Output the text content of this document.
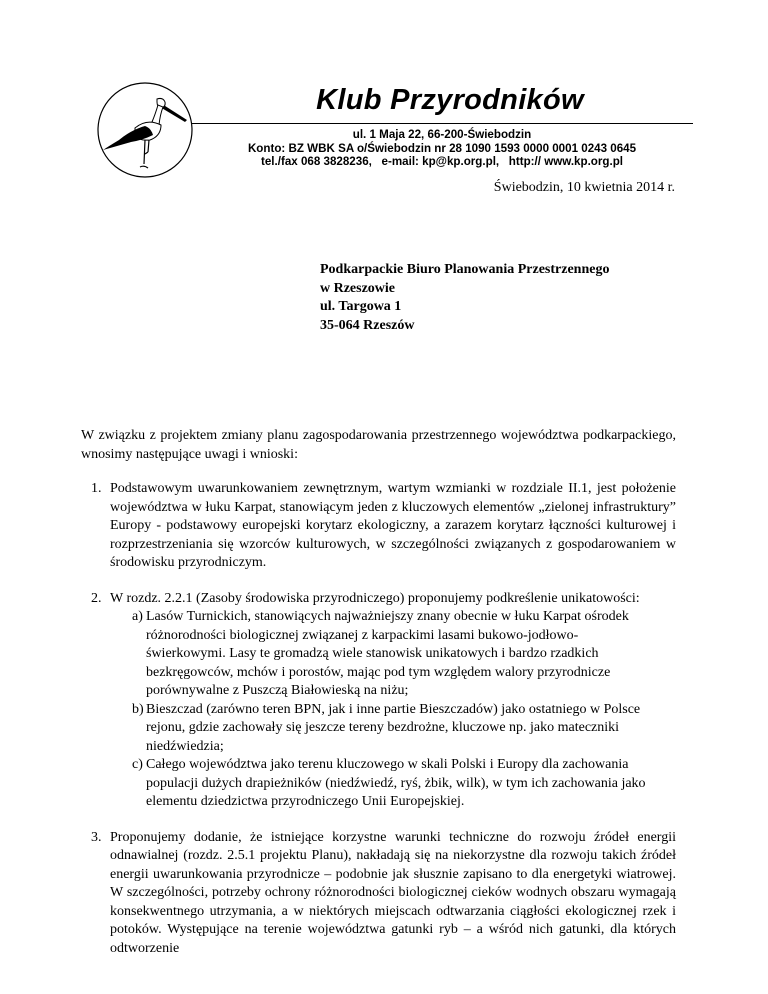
Klub Przyrodników
ul. 1 Maja 22, 66-200-Świebodzin
Konto: BZ WBK SA o/Świebodzin nr 28 1090 1593 0000 0001 0243 0645
tel./fax 068 3828236,   e-mail: kp@kp.org.pl,   http:// www.kp.org.pl
Świebodzin, 10 kwietnia 2014 r.
Podkarpackie Biuro Planowania Przestrzennego
w Rzeszowie
ul. Targowa 1
35-064 Rzeszów

W związku z projektem zmiany planu zagospodarowania przestrzennego województwa podkarpackiego, wnosimy następujące uwagi i wnioski:

1. Podstawowym uwarunkowaniem zewnętrznym, wartym wzmianki w rozdziale II.1, jest położenie województwa w łuku Karpat, stanowiącym jeden z kluczowych elementów „zielonej infrastruktury” Europy - podstawowy europejski korytarz ekologiczny, a zarazem korytarz łączności kulturowej i rozprzestrzeniania się wzorców kulturowych, w szczególności związanych z gospodarowaniem w środowisku przyrodniczym.
2. W rozdz. 2.2.1 (Zasoby środowiska przyrodniczego) proponujemy podkreślenie unikatowości:
a) Lasów Turnickich, stanowiących najważniejszy znany obecnie w łuku Karpat ośrodek różnorodności biologicznej związanej z karpackimi lasami bukowo-jodłowo-świerkowymi. Lasy te gromadzą wiele stanowisk unikatowych i bardzo rzadkich bezkręgowców, mchów i porostów, mając pod tym względem walory przyrodnicze porównywalne z Puszczą Białowieską na niżu;
b) Bieszczad (zarówno teren BPN, jak i inne partie Bieszczadów) jako ostatniego w Polsce rejonu, gdzie zachowały się jeszcze tereny bezdrożne, kluczowe np. jako mateczniki niedźwiedzia;
c) Całego województwa jako terenu kluczowego w skali Polski i Europy dla zachowania populacji dużych drapieżników (niedźwiedź, ryś, żbik, wilk), w tym ich zachowania jako elementu dziedzictwa przyrodniczego Unii Europejskiej.
3. Proponujemy dodanie, że istniejące korzystne warunki techniczne do rozwoju źródeł energii odnawialnej (rozdz. 2.5.1 projektu Planu), nakładają się na niekorzystne dla rozwoju takich źródeł energii uwarunkowania przyrodnicze – podobnie jak słusznie zapisano to dla energetyki wiatrowej. W szczególności, potrzeby ochrony różnorodności biologicznej cieków wodnych obszaru wymagają konsekwentnego utrzymania, a w niektórych miejscach odtwarzania ciągłości ekologicznej rzek i potoków. Występujące na terenie województwa gatunki ryb – a wśród nich gatunki, dla których odtworzenie
